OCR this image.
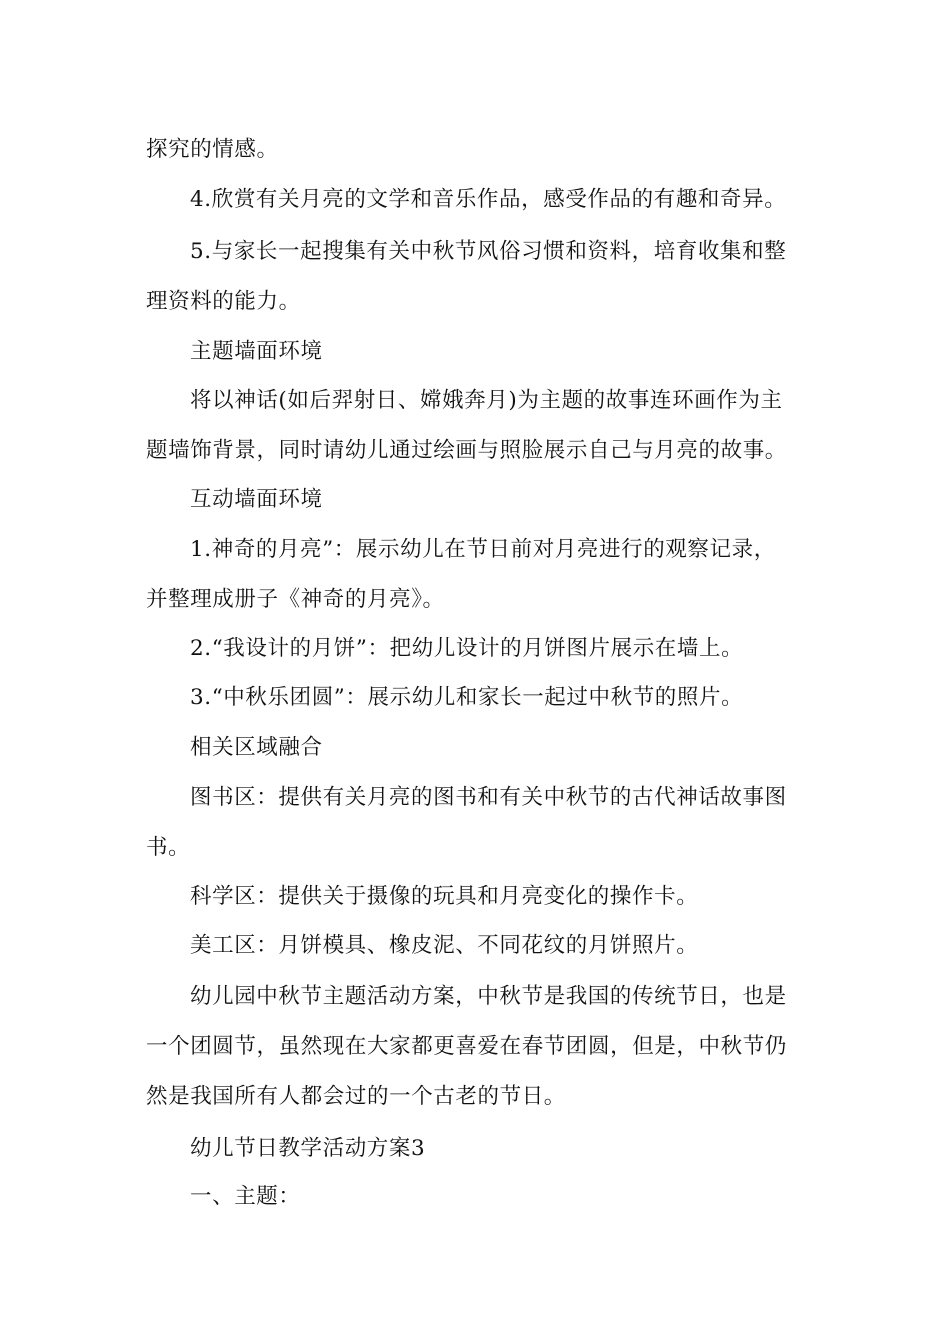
探究的情感。
4.欣赏有关月亮的文学和音乐作品，感受作品的有趣和奇异。
5.与家长一起搜集有关中秋节风俗习惯和资料，培育收集和整
理资料的能力。
主题墙面环境
将以神话(如后羿射日、嫦娥奔月)为主题的故事连环画作为主
题墙饰背景，同时请幼儿通过绘画与照脸展示自己与月亮的故事。
互动墙面环境
1.神奇的月亮”：展示幼儿在节日前对月亮进行的观察记录，
并整理成册子《神奇的月亮》。
2.“我设计的月饼”：把幼儿设计的月饼图片展示在墙上。
3.“中秋乐团圆”：展示幼儿和家长一起过中秋节的照片。
相关区域融合
图书区：提供有关月亮的图书和有关中秋节的古代神话故事图
书。
科学区：提供关于摄像的玩具和月亮变化的操作卡。
美工区：月饼模具、橡皮泥、不同花纹的月饼照片。
幼儿园中秋节主题活动方案，中秋节是我国的传统节日，也是
一个团圆节，虽然现在大家都更喜爱在春节团圆，但是，中秋节仍
然是我国所有人都会过的一个古老的节日。
幼儿节日教学活动方案3
一、主题：
